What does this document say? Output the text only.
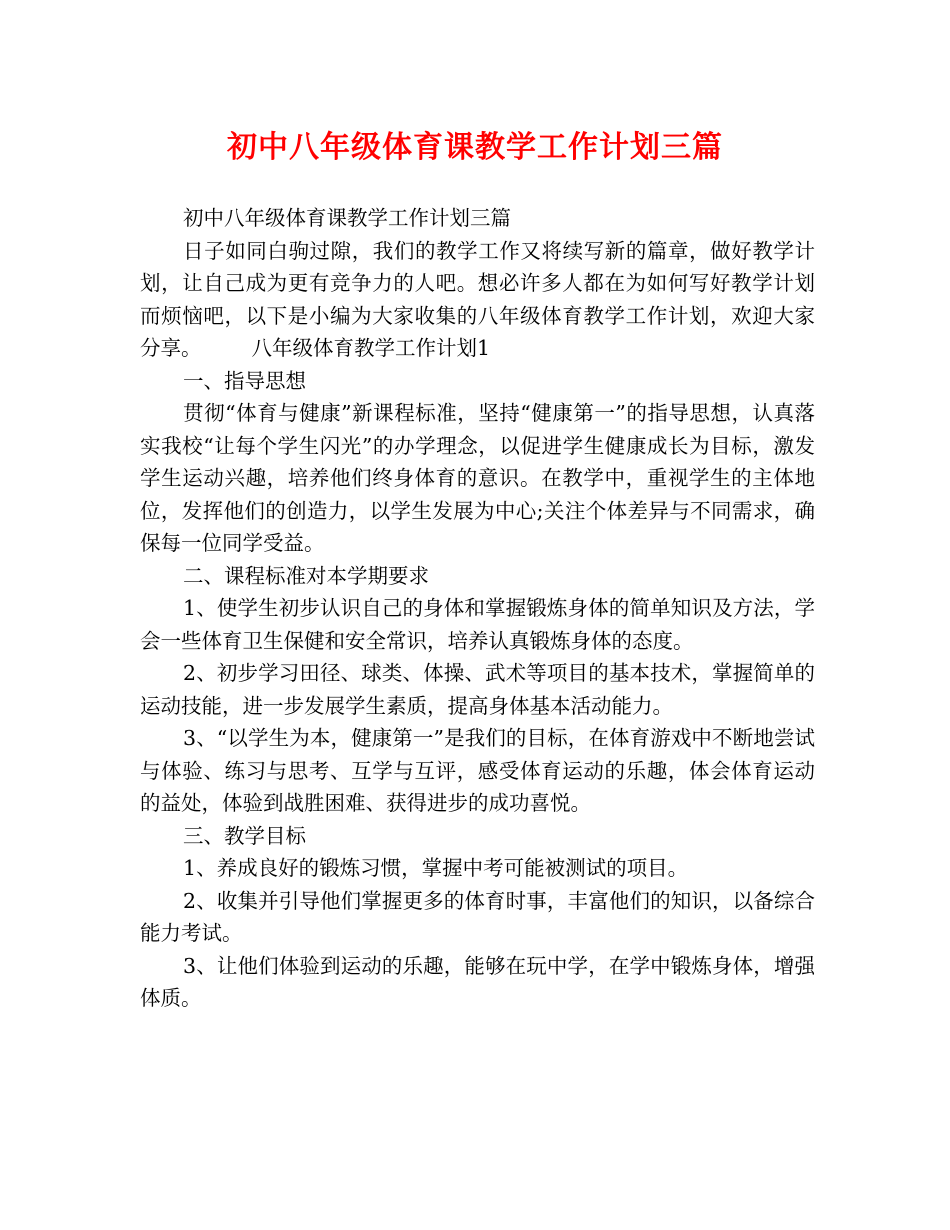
初中八年级体育课教学工作计划三篇

初中八年级体育课教学工作计划三篇

日子如同白驹过隙，我们的教学工作又将续写新的篇章，做好教学计划，让自己成为更有竞争力的人吧。想必许多人都在为如何写好教学计划而烦恼吧，以下是小编为大家收集的八年级体育教学工作计划，欢迎大家分享。 八年级体育教学工作计划1

一、指导思想

贯彻“体育与健康”新课程标准，坚持“健康第一”的指导思想，认真落实我校“让每个学生闪光”的办学理念，以促进学生健康成长为目标，激发学生运动兴趣，培养他们终身体育的意识。在教学中，重视学生的主体地位，发挥他们的创造力，以学生发展为中心;关注个体差异与不同需求，确保每一位同学受益。

二、课程标准对本学期要求

1、使学生初步认识自己的身体和掌握锻炼身体的简单知识及方法，学会一些体育卫生保健和安全常识，培养认真锻炼身体的态度。

2、初步学习田径、球类、体操、武术等项目的基本技术，掌握简单的运动技能，进一步发展学生素质，提高身体基本活动能力。

3、“以学生为本，健康第一”是我们的目标，在体育游戏中不断地尝试与体验、练习与思考、互学与互评，感受体育运动的乐趣，体会体育运动的益处，体验到战胜困难、获得进步的成功喜悦。

三、教学目标

1、养成良好的锻炼习惯，掌握中考可能被测试的项目。

2、收集并引导他们掌握更多的体育时事，丰富他们的知识，以备综合能力考试。

3、让他们体验到运动的乐趣，能够在玩中学，在学中锻炼身体，增强体质。
